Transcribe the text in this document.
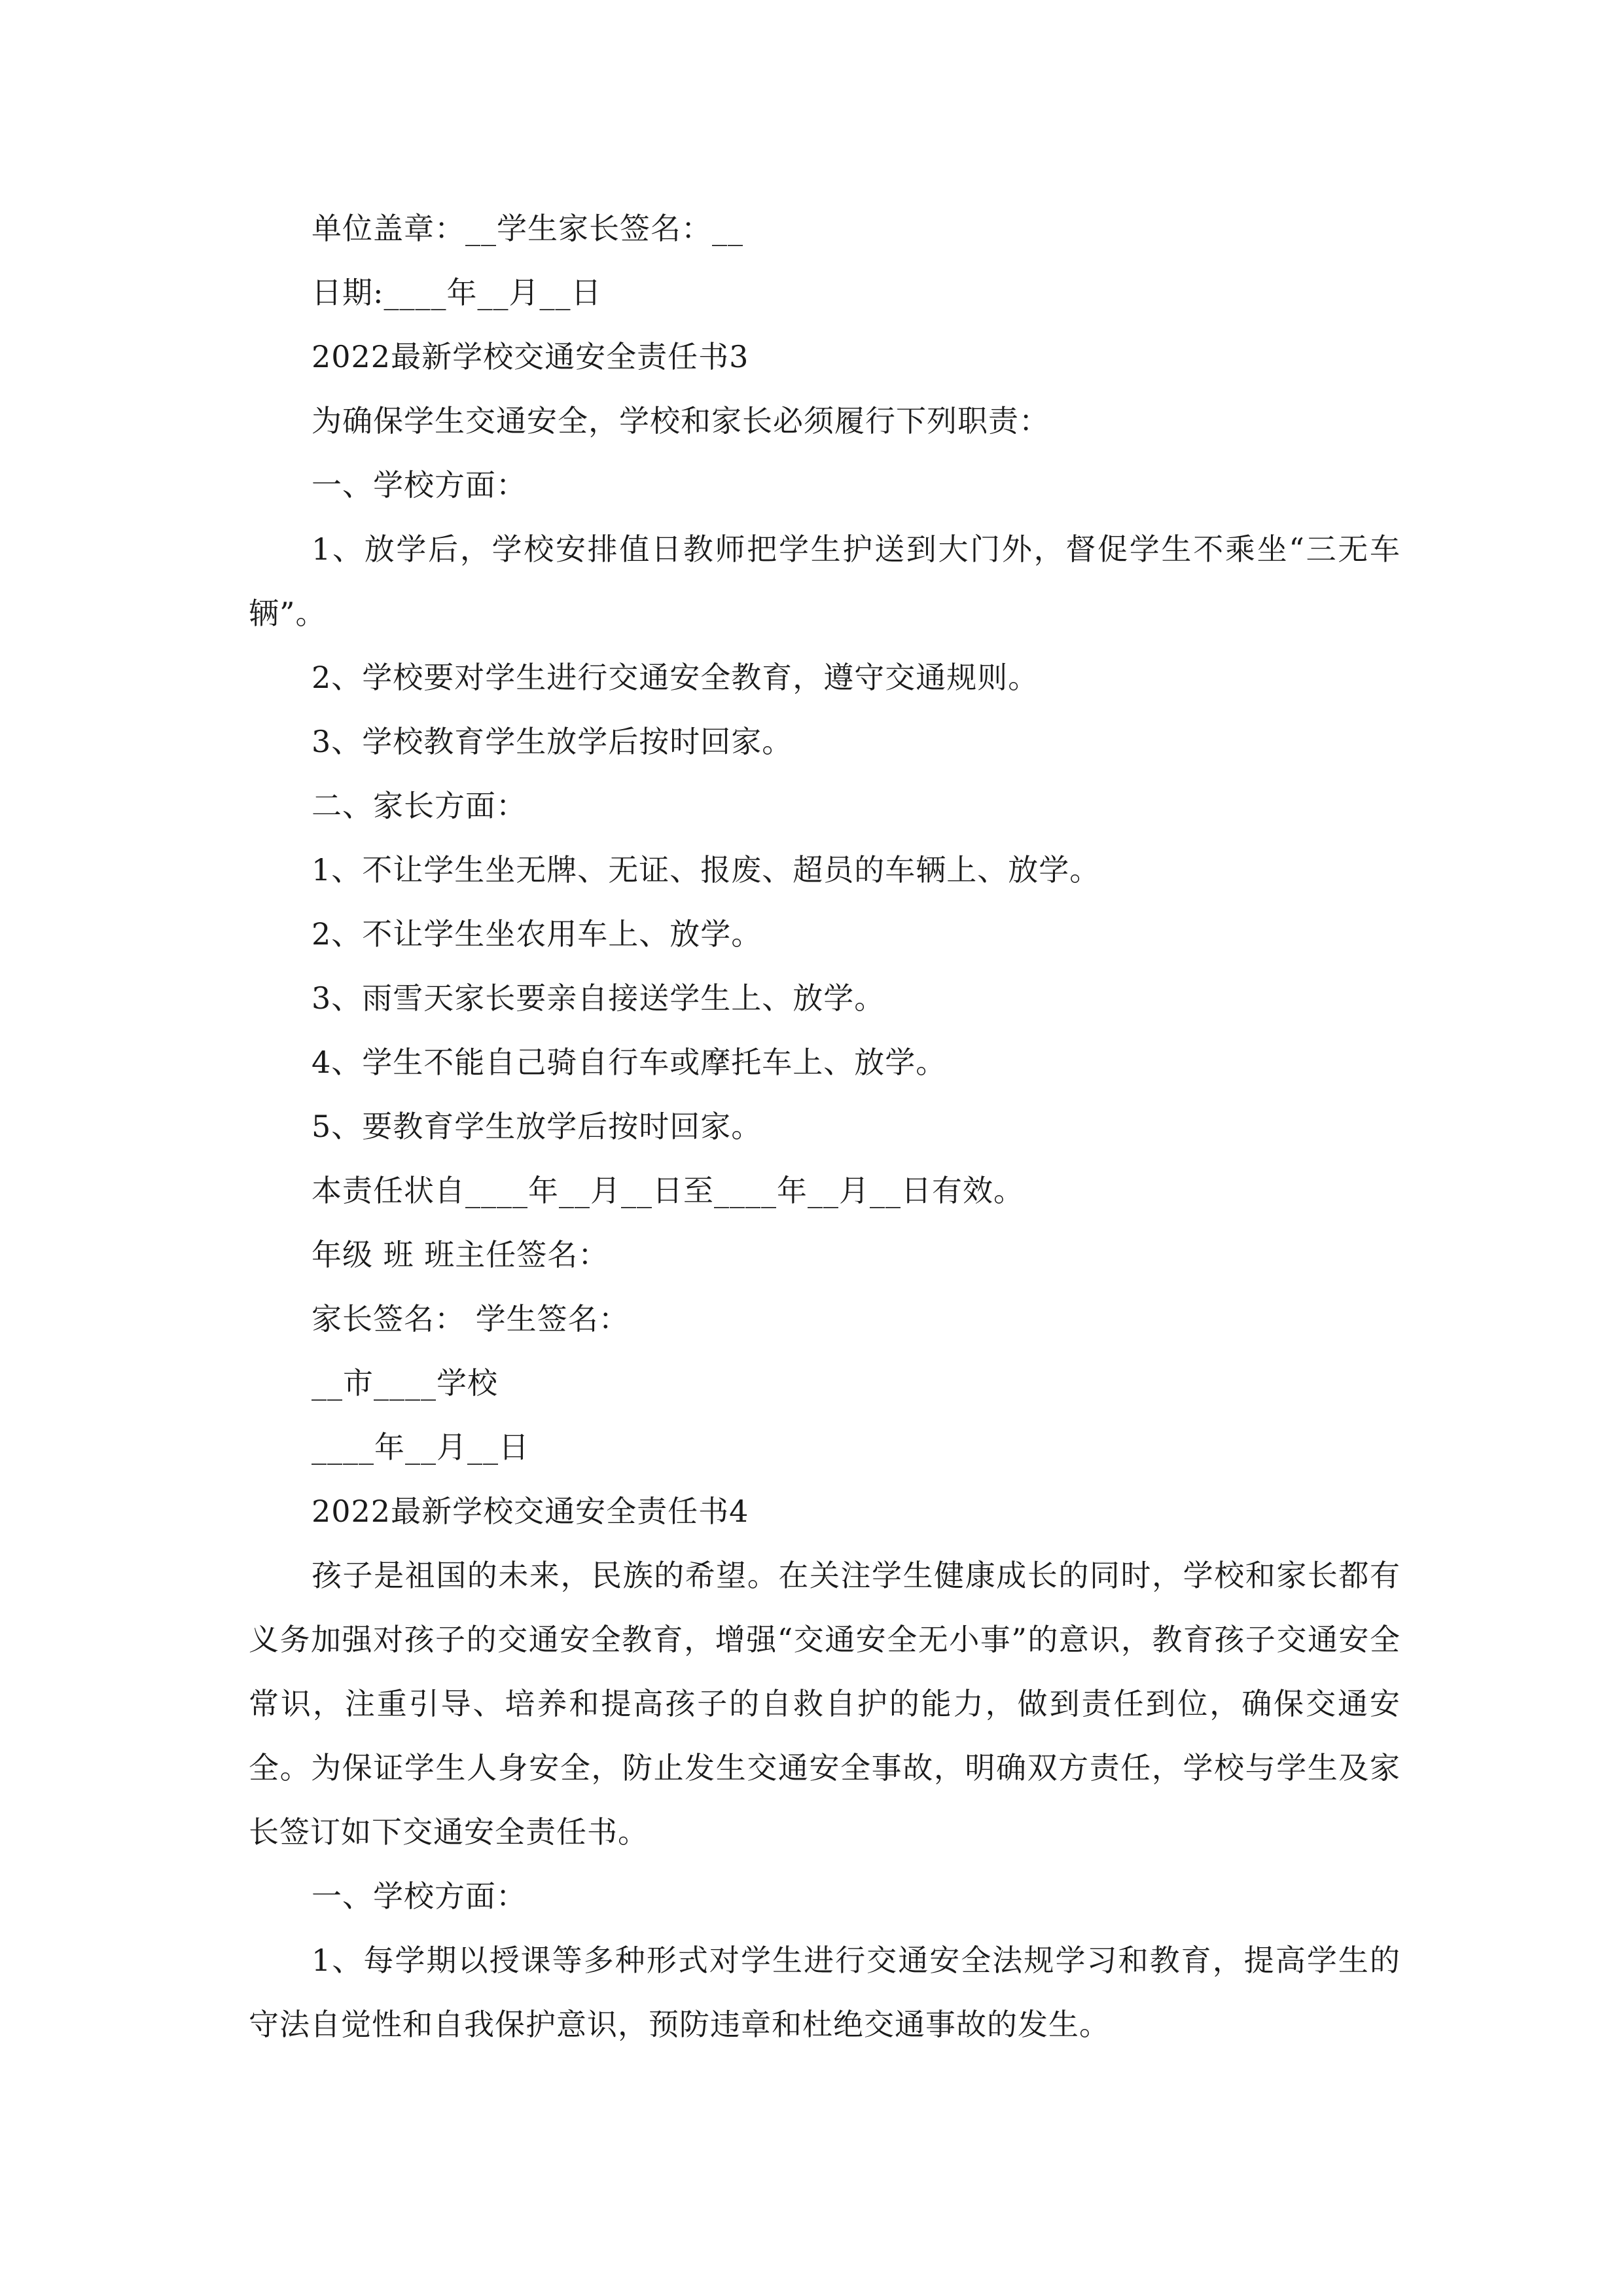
单位盖章：__学生家长签名：__
日期:____年__月__日
2022最新学校交通安全责任书3
为确保学生交通安全，学校和家长必须履行下列职责：
一、学校方面：
1、放学后，学校安排值日教师把学生护送到大门外，督促学生不乘坐“三无车辆”。
2、学校要对学生进行交通安全教育，遵守交通规则。
3、学校教育学生放学后按时回家。
二、家长方面：
1、不让学生坐无牌、无证、报废、超员的车辆上、放学。
2、不让学生坐农用车上、放学。
3、雨雪天家长要亲自接送学生上、放学。
4、学生不能自己骑自行车或摩托车上、放学。
5、要教育学生放学后按时回家。
本责任状自____年__月__日至____年__月__日有效。
年级 班 班主任签名：
家长签名： 学生签名：
__市____学校
____年__月__日
2022最新学校交通安全责任书4
孩子是祖国的未来，民族的希望。在关注学生健康成长的同时，学校和家长都有义务加强对孩子的交通安全教育，增强“交通安全无小事”的意识，教育孩子交通安全常识，注重引导、培养和提高孩子的自救自护的能力，做到责任到位，确保交通安全。为保证学生人身安全，防止发生交通安全事故，明确双方责任，学校与学生及家长签订如下交通安全责任书。
一、学校方面：
1、每学期以授课等多种形式对学生进行交通安全法规学习和教育，提高学生的守法自觉性和自我保护意识，预防违章和杜绝交通事故的发生。
